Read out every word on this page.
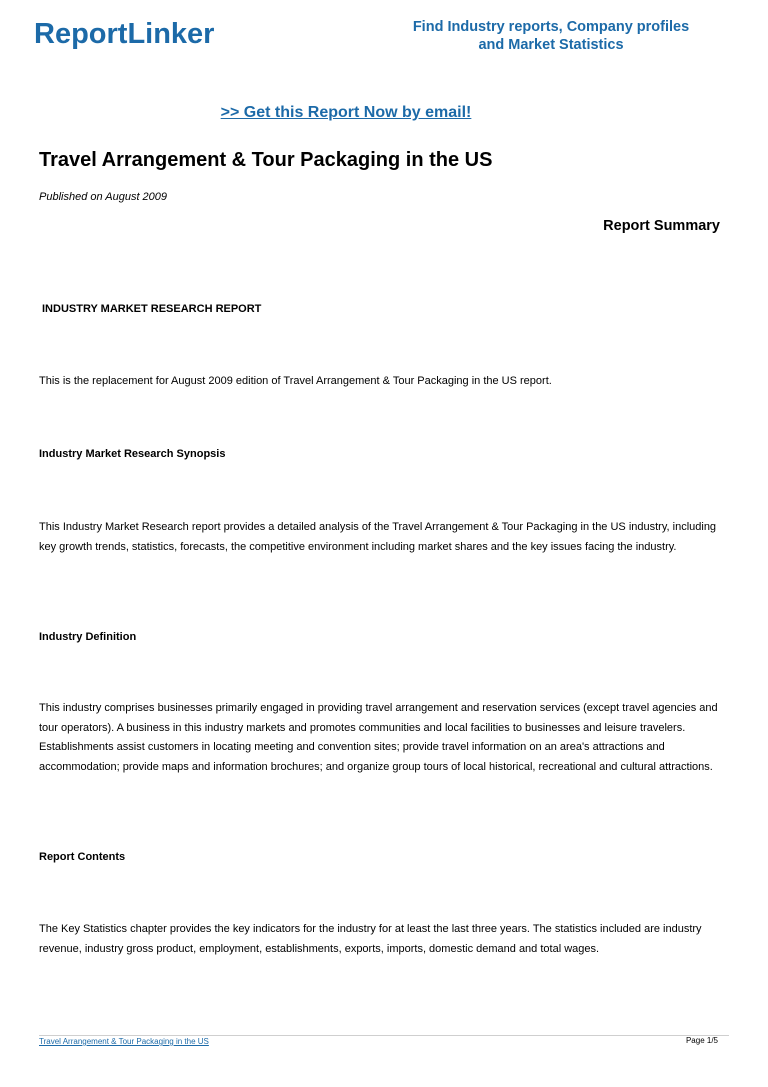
ReportLinker	Find Industry reports, Company profiles
and Market Statistics
>> Get this Report Now by email!
Travel Arrangement & Tour Packaging in the US
Published on August 2009
Report Summary
INDUSTRY MARKET RESEARCH REPORT
This is the replacement for August 2009 edition of Travel Arrangement & Tour Packaging in the US report.
Industry Market Research Synopsis
This Industry Market Research report provides a detailed analysis of the Travel Arrangement & Tour Packaging in the US industry, including key growth trends, statistics, forecasts, the competitive environment including market shares and the key issues facing the industry.
Industry Definition
This industry comprises businesses primarily engaged in providing travel arrangement and reservation services (except travel agencies and tour operators). A business in this industry markets and promotes communities and local facilities to businesses and leisure travelers. Establishments assist customers in locating meeting and convention sites; provide travel information on an area's attractions and accommodation; provide maps and information brochures; and organize group tours of local historical, recreational and cultural attractions.
Report Contents
The Key Statistics chapter provides the key indicators for the industry for at least the last three years. The statistics included are industry revenue, industry gross product, employment, establishments, exports, imports, domestic demand and total wages.
Travel Arrangement & Tour Packaging in the US	Page 1/5
